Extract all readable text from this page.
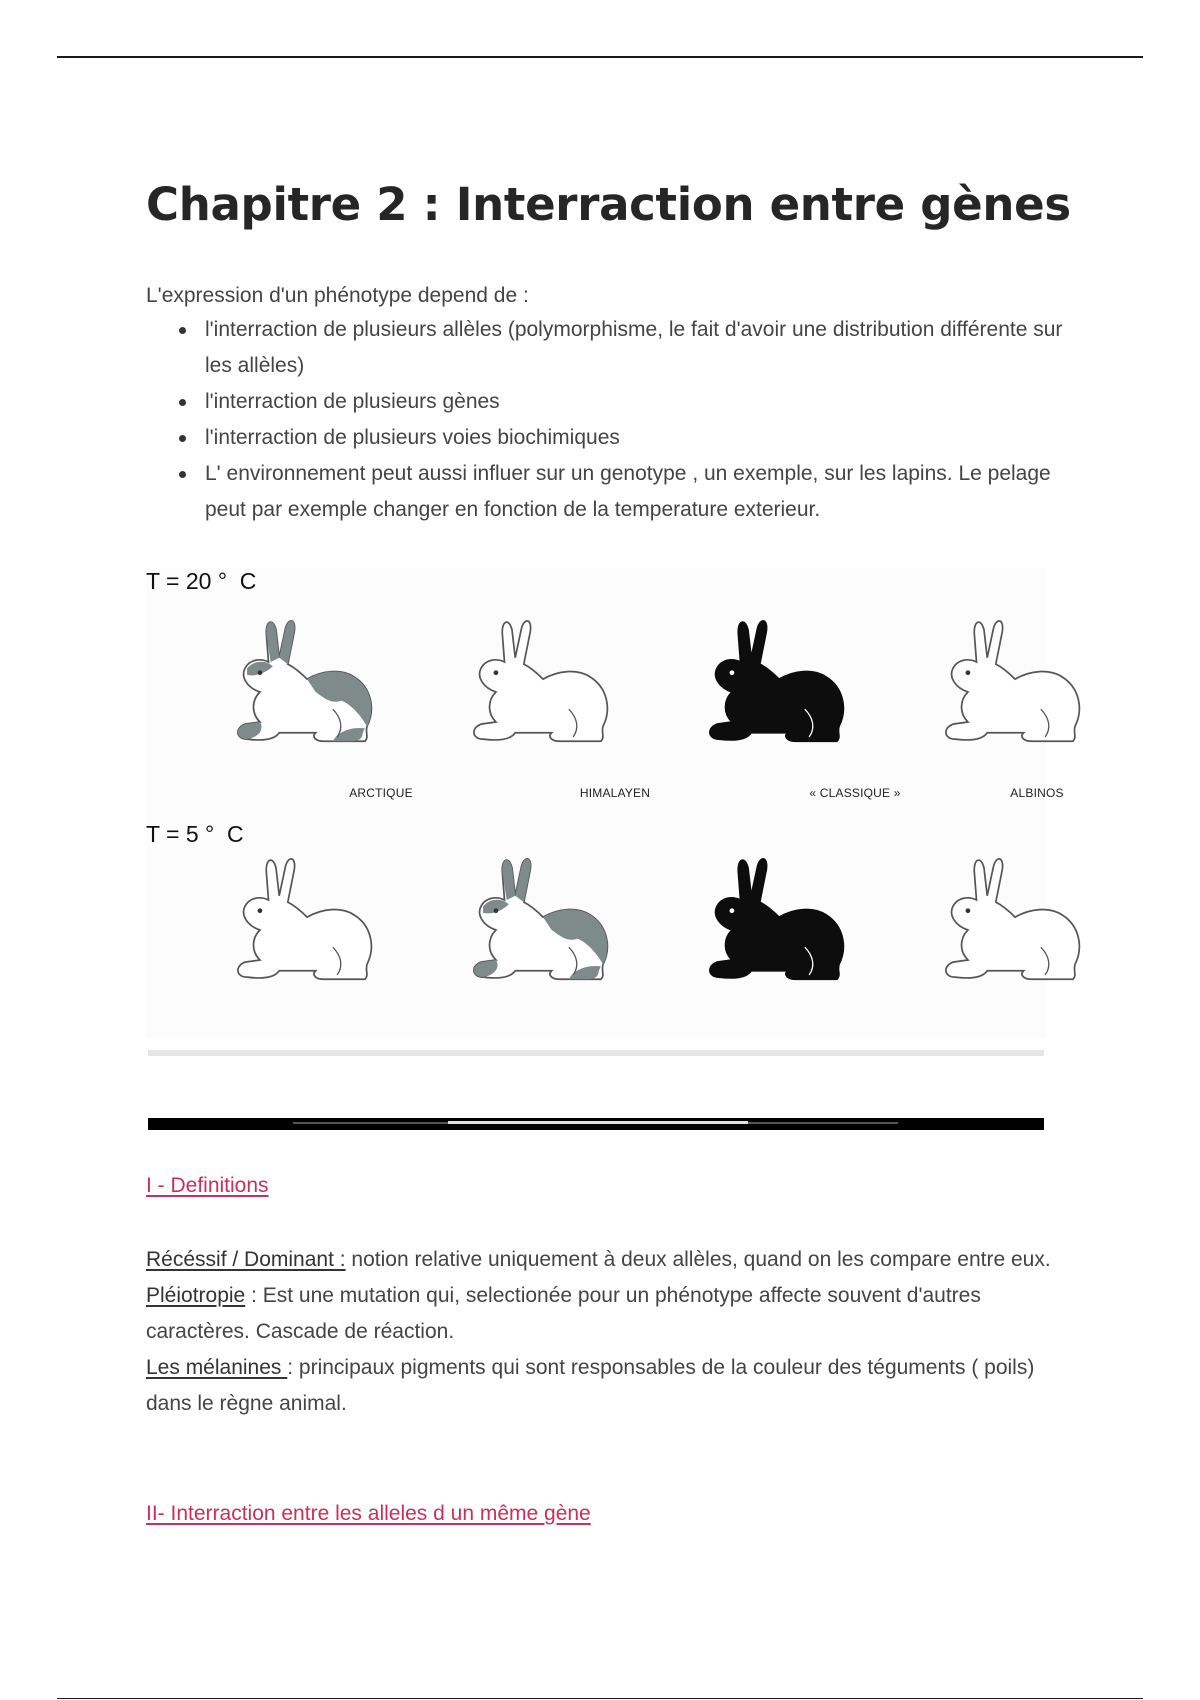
Chapitre 2 : Interraction entre gènes
L'expression d'un phénotype depend de :
l'interraction de plusieurs allèles (polymorphisme, le fait d'avoir une distribution différente sur les allèles)
l'interraction de plusieurs gènes
l'interraction de plusieurs voies biochimiques
L' environnement peut aussi influer sur un genotype , un exemple, sur les lapins. Le pelage peut par exemple changer en fonction de la temperature exterieur.
T = 20 °  C
ARCTIQUE	HIMALAYEN	« CLASSIQUE »	ALBINOS
T = 5 °  C
I - Definitions
Récéssif / Dominant : notion relative uniquement à deux allèles, quand on les compare entre eux.
Pléiotropie : Est une mutation qui, selectionée pour un phénotype affecte souvent d'autres caractères. Cascade de réaction.
Les mélanines : principaux pigments qui sont responsables de la couleur des téguments ( poils) dans le règne animal.
II- Interraction entre les alleles d un même gène
